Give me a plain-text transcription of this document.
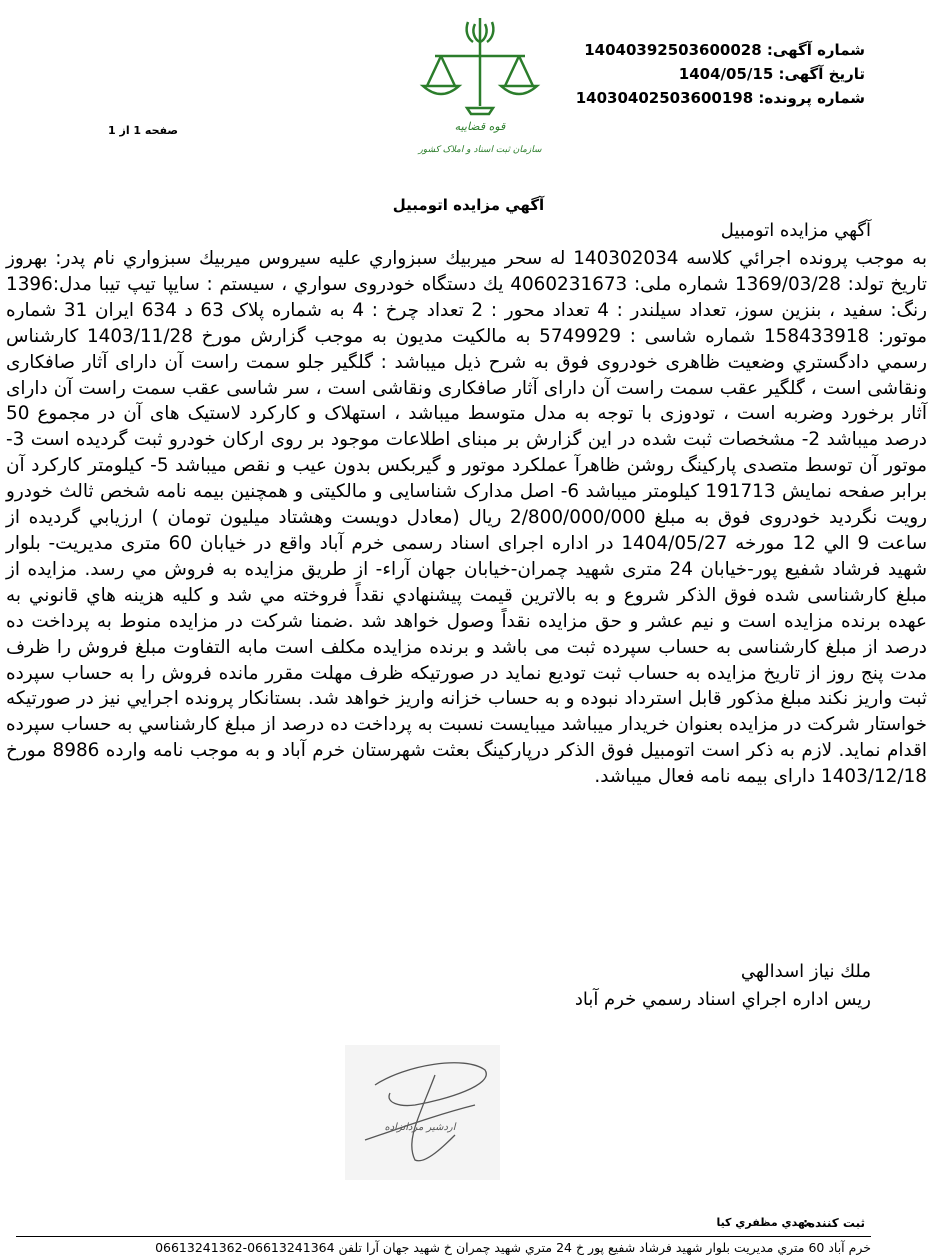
شماره آگهی: 14040392503600028
تاریخ آگهی: 1404/05/15
شماره پرونده: 14030402503600198
صفحه 1 از 1	قوه قضاییه
سازمان ثبت اسناد و املاک کشور
آگهي مزايده اتومبيل
آگهي مزايده اتومبيل
به موجب پرونده اجرائي كلاسه 140302034 له سحر ميربيك سبزواري عليه سيروس ميربيك سبزواري نام پدر: بهروز تاريخ تولد: 1369/03/28 شماره ملی: 4060231673 يك دستگاه خودروی سواري ، سيستم : سايپا تيپ تيبا مدل:1396 رنگ: سفيد ، بنزين سوز، تعداد سيلندر : 4 تعداد محور : 2 تعداد چرخ : 4 به شماره پلاک 63 د 634 ايران 31 شماره موتور: 158433918 شماره شاسی : 5749929 به مالكيت مديون به موجب گزارش مورخ 1403/11/28 كارشناس رسمي دادگستري وضعيت ظاهری خودروی فوق به شرح ذيل ميباشد : گلگير جلو سمت راست آن دارای آثار صافكاری ونقاشی است ، گلگير عقب سمت راست آن دارای آثار صافكاری ونقاشی است ، سر شاسی عقب سمت راست آن دارای آثار برخورد وضربه است ، تودوزی با توجه به مدل متوسط ميباشد ، استهلاک و كاركرد لاستيک های آن در مجموع 50 درصد ميباشد 2- مشخصات ثبت شده در اين گزارش بر مبنای اطلاعات موجود بر روی اركان خودرو ثبت گرديده است 3- موتور آن توسط متصدی پاركينگ روشن ظاهرآ عملكرد موتور و گيربكس بدون عيب و نقص ميباشد 5- كيلومتر كاركرد آن برابر صفحه نمايش 191713 كيلومتر ميباشد 6- اصل مدارک شناسايی و مالكيتی و همچنين بيمه نامه شخص ثالث خودرو رويت نگرديد خودروی فوق به مبلغ 2/800/000/000 ريال (معادل دويست وهشتاد ميليون تومان ) ارزيابي گرديده از ساعت 9 الي 12 مورخه 1404/05/27 در اداره اجرای اسناد رسمی خرم آباد واقع در خيابان 60 متری مديريت- بلوار شهيد فرشاد شفيع پور-خيابان 24 متری شهيد چمران-خيابان جهان آراء- از طريق مزايده به فروش مي رسد. مزايده از مبلغ كارشناسی شده فوق الذكر شروع و به بالاترين قيمت پيشنهادي نقداً فروخته مي شد و كليه هزينه هاي قانوني به عهده برنده مزايده است و نيم عشر و حق مزايده نقداً وصول خواهد شد .ضمنا شركت در مزايده منوط به پرداخت ده درصد از مبلغ كارشناسی به حساب سپرده ثبت می باشد و برنده مزايده مكلف است مابه التفاوت مبلغ فروش را ظرف مدت پنج روز از تاريخ مزايده به حساب ثبت توديع نمايد در صورتيكه ظرف مهلت مقرر مانده فروش را به حساب سپرده ثبت واريز نكند مبلغ مذكور قابل استرداد نبوده و به حساب خزانه واريز خواهد شد. بستانكار پرونده اجرايي نيز در صورتيكه خواستار شركت در مزايده بعنوان خريدار ميباشد ميبايست نسبت به پرداخت ده درصد از مبلغ كارشناسي به حساب سپرده اقدام نمايد. لازم به ذكر است اتومبيل فوق الذكر درپاركينگ بعثت شهرستان خرم آباد و به موجب نامه وارده 8986 مورخ 1403/12/18 دارای بيمه نامه فعال ميباشد.
ملك نياز اسدالهي
ريس اداره اجراي اسناد رسمي خرم آباد
اردشير مردانزاده
ثبت كننده:
مهدي مظفري كيا
خرم آباد 60 متري مديريت بلوار شهيد فرشاد شفيع پور خ 24 متري شهيد چمران خ شهيد جهان آرا تلفن 06613241364-06613241362
